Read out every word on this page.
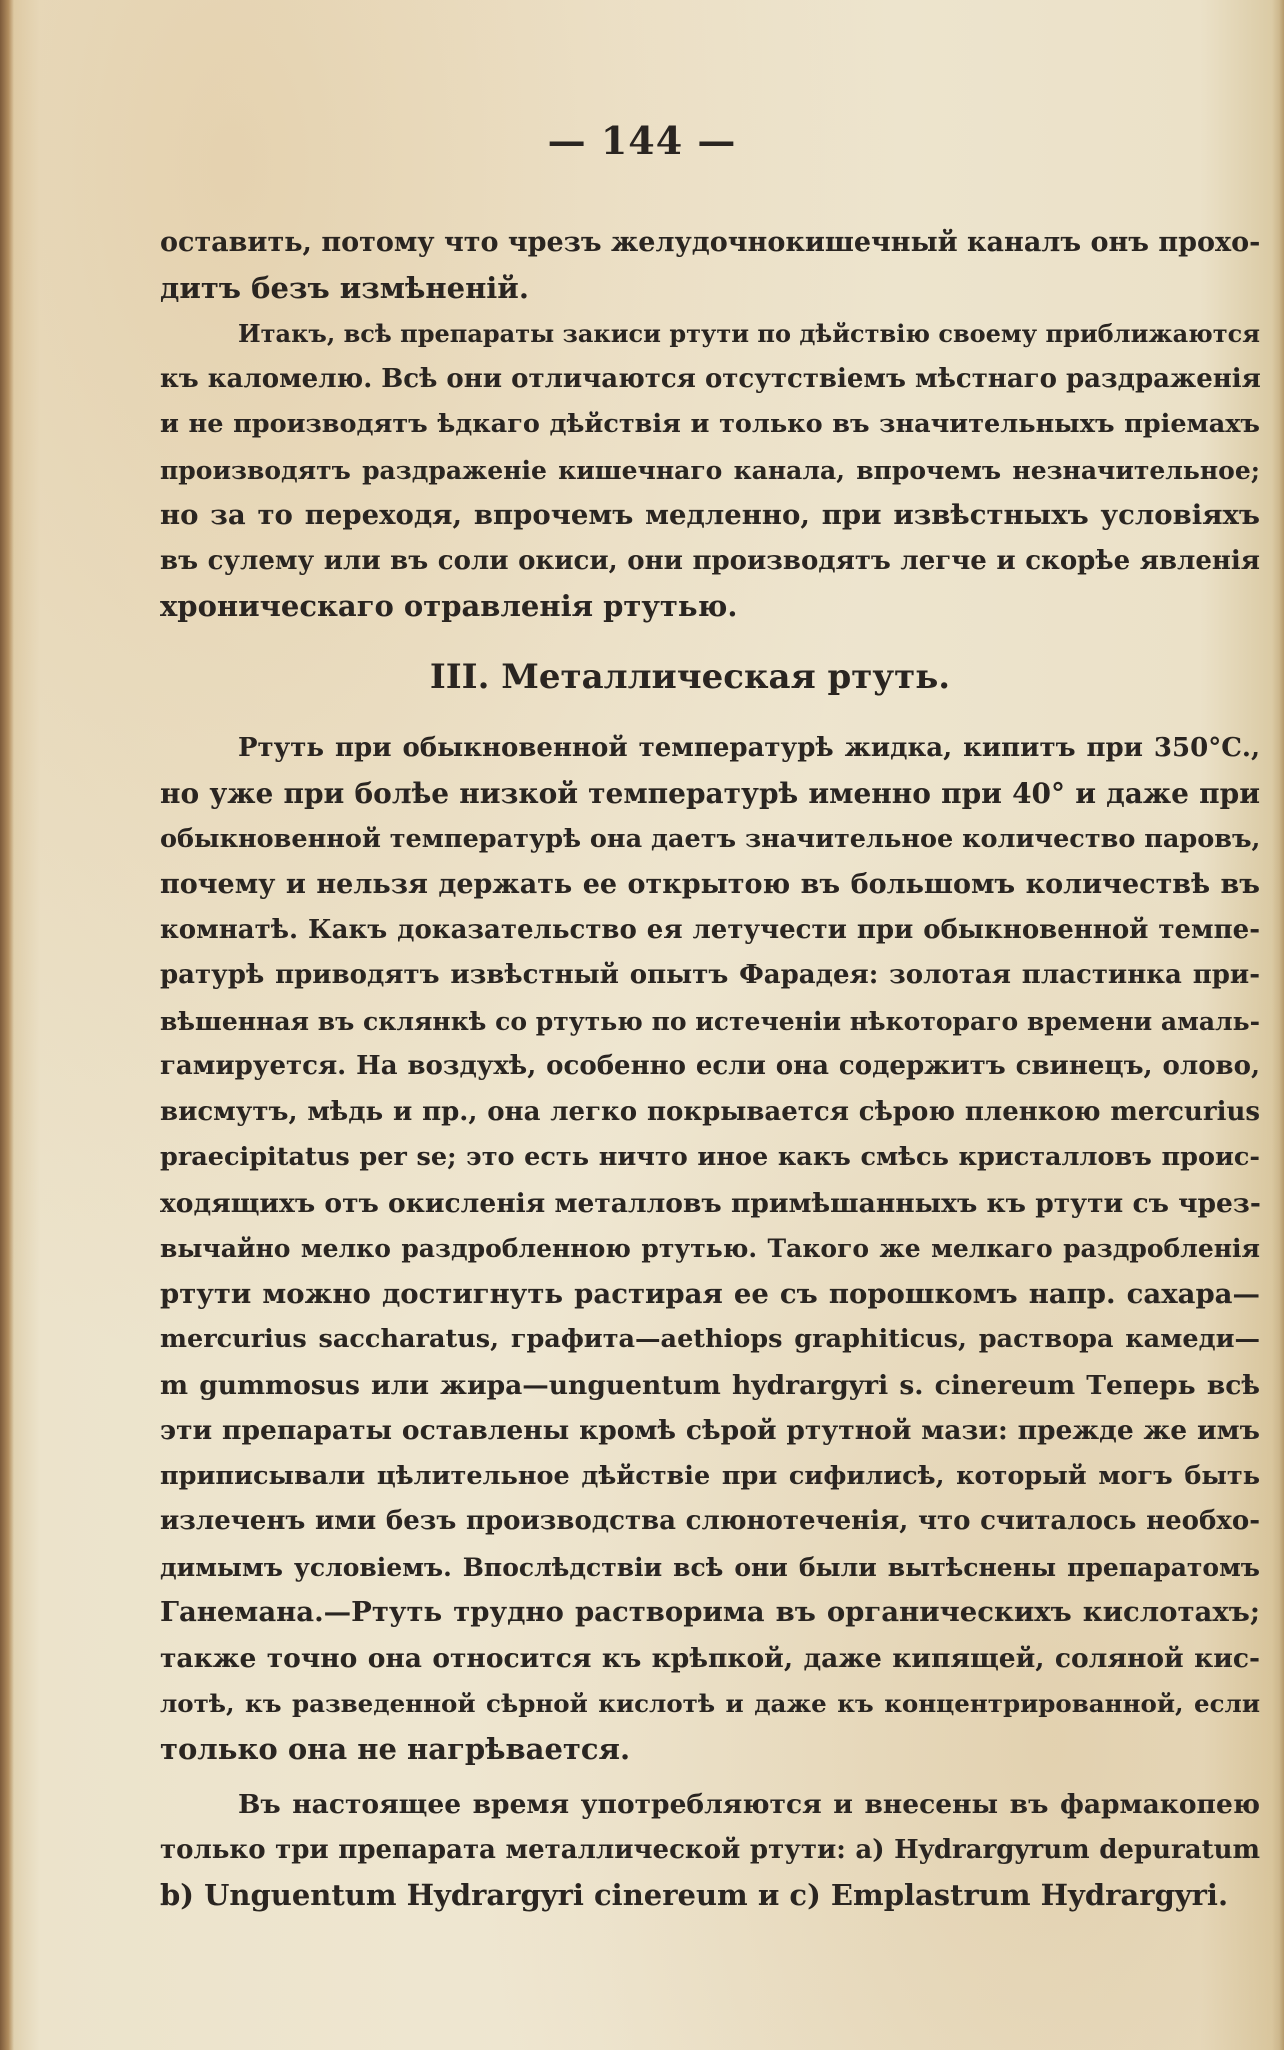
— 144 —
оставить, потому что чрезъ желудочнокишечный каналъ онъ прохо-
дитъ безъ измѣненій.
Итакъ, всѣ препараты закиси ртути по дѣйствію своему приближаются
къ каломелю. Всѣ они отличаются отсутствіемъ мѣстнаго раздраженія
и не производятъ ѣдкаго дѣйствія и только въ значительныхъ пріемахъ
производятъ раздраженіе кишечнаго канала, впрочемъ незначительное;
но за то переходя, впрочемъ медленно, при извѣстныхъ условіяхъ
въ сулему или въ соли окиси, они производятъ легче и скорѣе явленія
хроническаго отравленія ртутью.
III. Металлическая ртуть.
Ртуть при обыкновенной температурѣ жидка, кипитъ при 350°С.,
но уже при болѣе низкой температурѣ именно при 40° и даже при
обыкновенной температурѣ она даетъ значительное количество паровъ,
почему и нельзя держать ее открытою въ большомъ количествѣ въ
комнатѣ. Какъ доказательство ея летучести при обыкновенной темпе-
ратурѣ приводятъ извѣстный опытъ Фарадея: золотая пластинка при-
вѣшенная въ склянкѣ со ртутью по истеченіи нѣкотораго времени амаль-
гамируется. На воздухѣ, особенно если она содержитъ свинецъ, олово,
висмутъ, мѣдь и пр., она легко покрывается сѣрою пленкою mercurius
praecipitatus per se; это есть ничто иное какъ смѣсь кристалловъ проис-
ходящихъ отъ окисленія металловъ примѣшанныхъ къ ртути съ чрез-
вычайно мелко раздробленною ртутью. Такого же мелкаго раздробленія
ртути можно достигнуть растирая ее съ порошкомъ напр. сахара—
mercurius saccharatus, графита—aethiops graphiticus, раствора камеди—
m gummosus или жира—unguentum hydrargyri s. cinereum Теперь всѣ
эти препараты оставлены кромѣ сѣрой ртутной мази: прежде же имъ
приписывали цѣлительное дѣйствіе при сифилисѣ, который могъ быть
излеченъ ими безъ производства слюнотеченія, что считалось необхо-
димымъ условіемъ. Впослѣдствіи всѣ они были вытѣснены препаратомъ
Ганемана.—Ртуть трудно растворима въ органическихъ кислотахъ;
также точно она относится къ крѣпкой, даже кипящей, соляной кис-
лотѣ, къ разведенной сѣрной кислотѣ и даже къ концентрированной, если
только она не нагрѣвается.
Въ настоящее время употребляются и внесены въ фармакопею
только три препарата металлической ртути: а) Hydrargyrum depuratum
b) Unguentum Hydrargyri cinereum и с) Emplastrum Hydrargyri.
